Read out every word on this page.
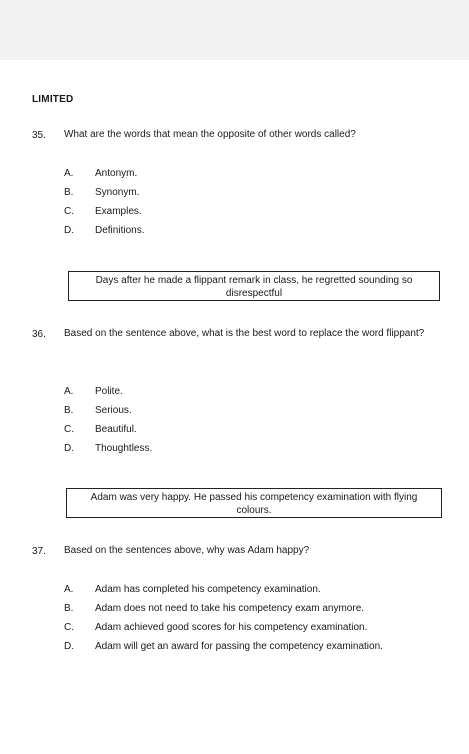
LIMITED
35. What are the words that mean the opposite of other words called?
A. Antonym.
B. Synonym.
C. Examples.
D. Definitions.
Days after he made a flippant remark in class, he regretted sounding so disrespectful
36. Based on the sentence above, what is the best word to replace the word flippant?
A. Polite.
B. Serious.
C. Beautiful.
D. Thoughtless.
Adam was very happy. He passed his competency examination with flying colours.
37. Based on the sentences above, why was Adam happy?
A. Adam has completed his competency examination.
B. Adam does not need to take his competency exam anymore.
C. Adam achieved good scores for his competency examination.
D. Adam will get an award for passing the competency examination.
